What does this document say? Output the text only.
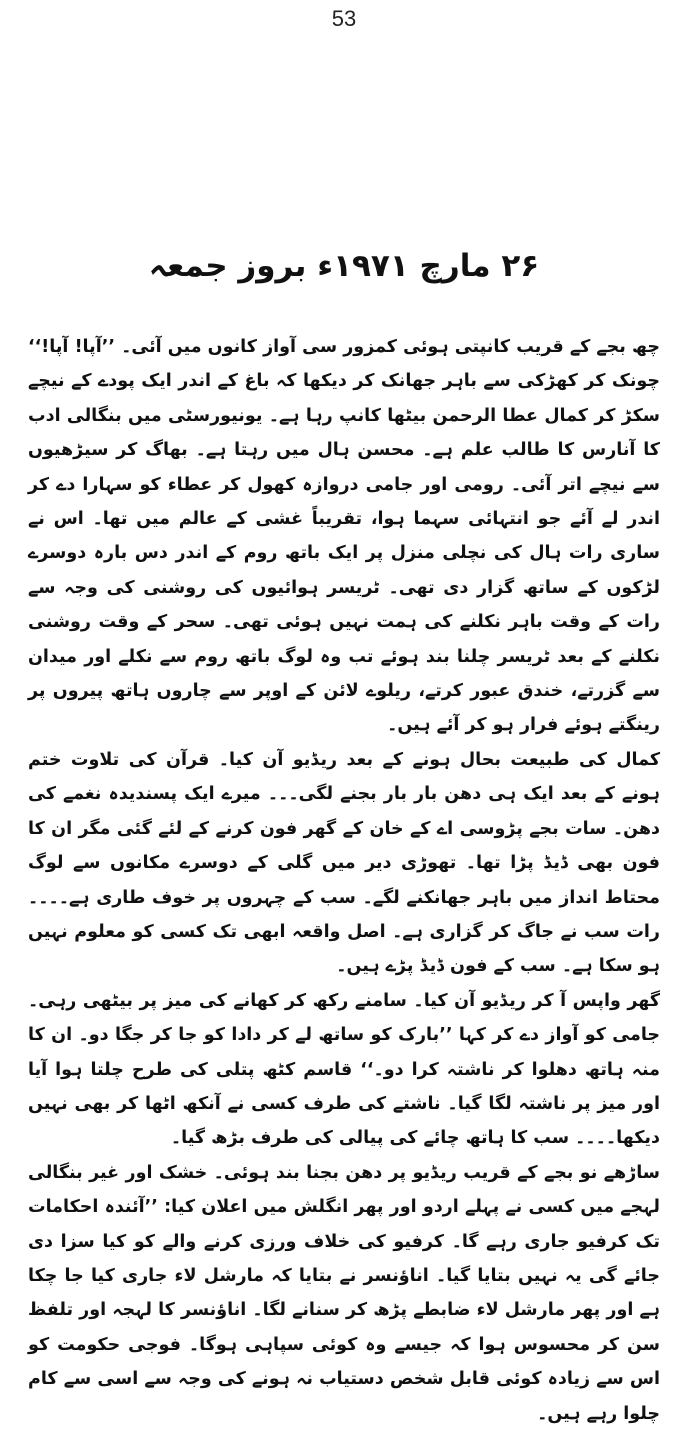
53
۲۶ مارچ ۱۹۷۱ء بروز جمعہ

چھ بجے کے قریب کانپتی ہوئی کمزور سی آواز کانوں میں آئی۔ ’’آپا! آپا!‘‘ چونک کر کھڑکی سے باہر جھانک کر دیکھا کہ باغ کے اندر ایک پودے کے نیچے سکڑ کر کمال عطا الرحمن بیٹھا کانپ رہا ہے۔ یونیورسٹی میں بنگالی ادب کا آنارس کا طالب علم ہے۔ محسن ہال میں رہتا ہے۔ بھاگ کر سیڑھیوں سے نیچے اتر آئی۔ رومی اور جامی دروازہ کھول کر عطاء کو سہارا دے کر اندر لے آئے جو انتہائی سہما ہوا، تقریباً غشی کے عالم میں تھا۔ اس نے ساری رات ہال کی نچلی منزل پر ایک باتھ روم کے اندر دس بارہ دوسرے لڑکوں کے ساتھ گزار دی تھی۔ ٹریسر ہوائیوں کی روشنی کی وجہ سے رات کے وقت باہر نکلنے کی ہمت نہیں ہوئی تھی۔ سحر کے وقت روشنی نکلنے کے بعد ٹریسر چلنا بند ہوئے تب وہ لوگ باتھ روم سے نکلے اور میدان سے گزرتے، خندق عبور کرتے، ریلوے لائن کے اوپر سے چاروں ہاتھ پیروں پر رینگتے ہوئے فرار ہو کر آئے ہیں۔

کمال کی طبیعت بحال ہونے کے بعد ریڈیو آن کیا۔ قرآن کی تلاوت ختم ہونے کے بعد ایک ہی دھن بار بار بجنے لگی۔۔۔ میرے ایک پسندیدہ نغمے کی دھن۔ سات بجے پڑوسی اے کے خان کے گھر فون کرنے کے لئے گئی مگر ان کا فون بھی ڈیڈ پڑا تھا۔ تھوڑی دیر میں گلی کے دوسرے مکانوں سے لوگ محتاط انداز میں باہر جھانکنے لگے۔ سب کے چہروں پر خوف طاری ہے۔۔۔۔ رات سب نے جاگ کر گزاری ہے۔ اصل واقعہ ابھی تک کسی کو معلوم نہیں ہو سکا ہے۔ سب کے فون ڈیڈ پڑے ہیں۔

گھر واپس آ کر ریڈیو آن کیا۔ سامنے رکھ کر کھانے کی میز پر بیٹھی رہی۔ جامی کو آواز دے کر کہا ’’بارک کو ساتھ لے کر دادا کو جا کر جگا دو۔ ان کا منہ ہاتھ دھلوا کر ناشتہ کرا دو۔‘‘ قاسم کٹھ پتلی کی طرح چلتا ہوا آیا اور میز پر ناشتہ لگا گیا۔ ناشتے کی طرف کسی نے آنکھ اٹھا کر بھی نہیں دیکھا۔۔۔۔ سب کا ہاتھ چائے کی پیالی کی طرف بڑھ گیا۔

ساڑھے نو بجے کے قریب ریڈیو پر دھن بجنا بند ہوئی۔ خشک اور غیر بنگالی لہجے میں کسی نے پہلے اردو اور پھر انگلش میں اعلان کیا: ’’آئندہ احکامات تک کرفیو جاری رہے گا۔ کرفیو کی خلاف ورزی کرنے والے کو کیا سزا دی جائے گی یہ نہیں بتایا گیا۔ اناؤنسر نے بتایا کہ مارشل لاء جاری کیا جا چکا ہے اور پھر مارشل لاء ضابطے پڑھ کر سنانے لگا۔ اناؤنسر کا لہجہ اور تلفظ سن کر محسوس ہوا کہ جیسے وہ کوئی سپاہی ہوگا۔ فوجی حکومت کو اس سے زیادہ کوئی قابل شخص دستیاب نہ ہونے کی وجہ سے اسی سے کام چلوا رہے ہیں۔
